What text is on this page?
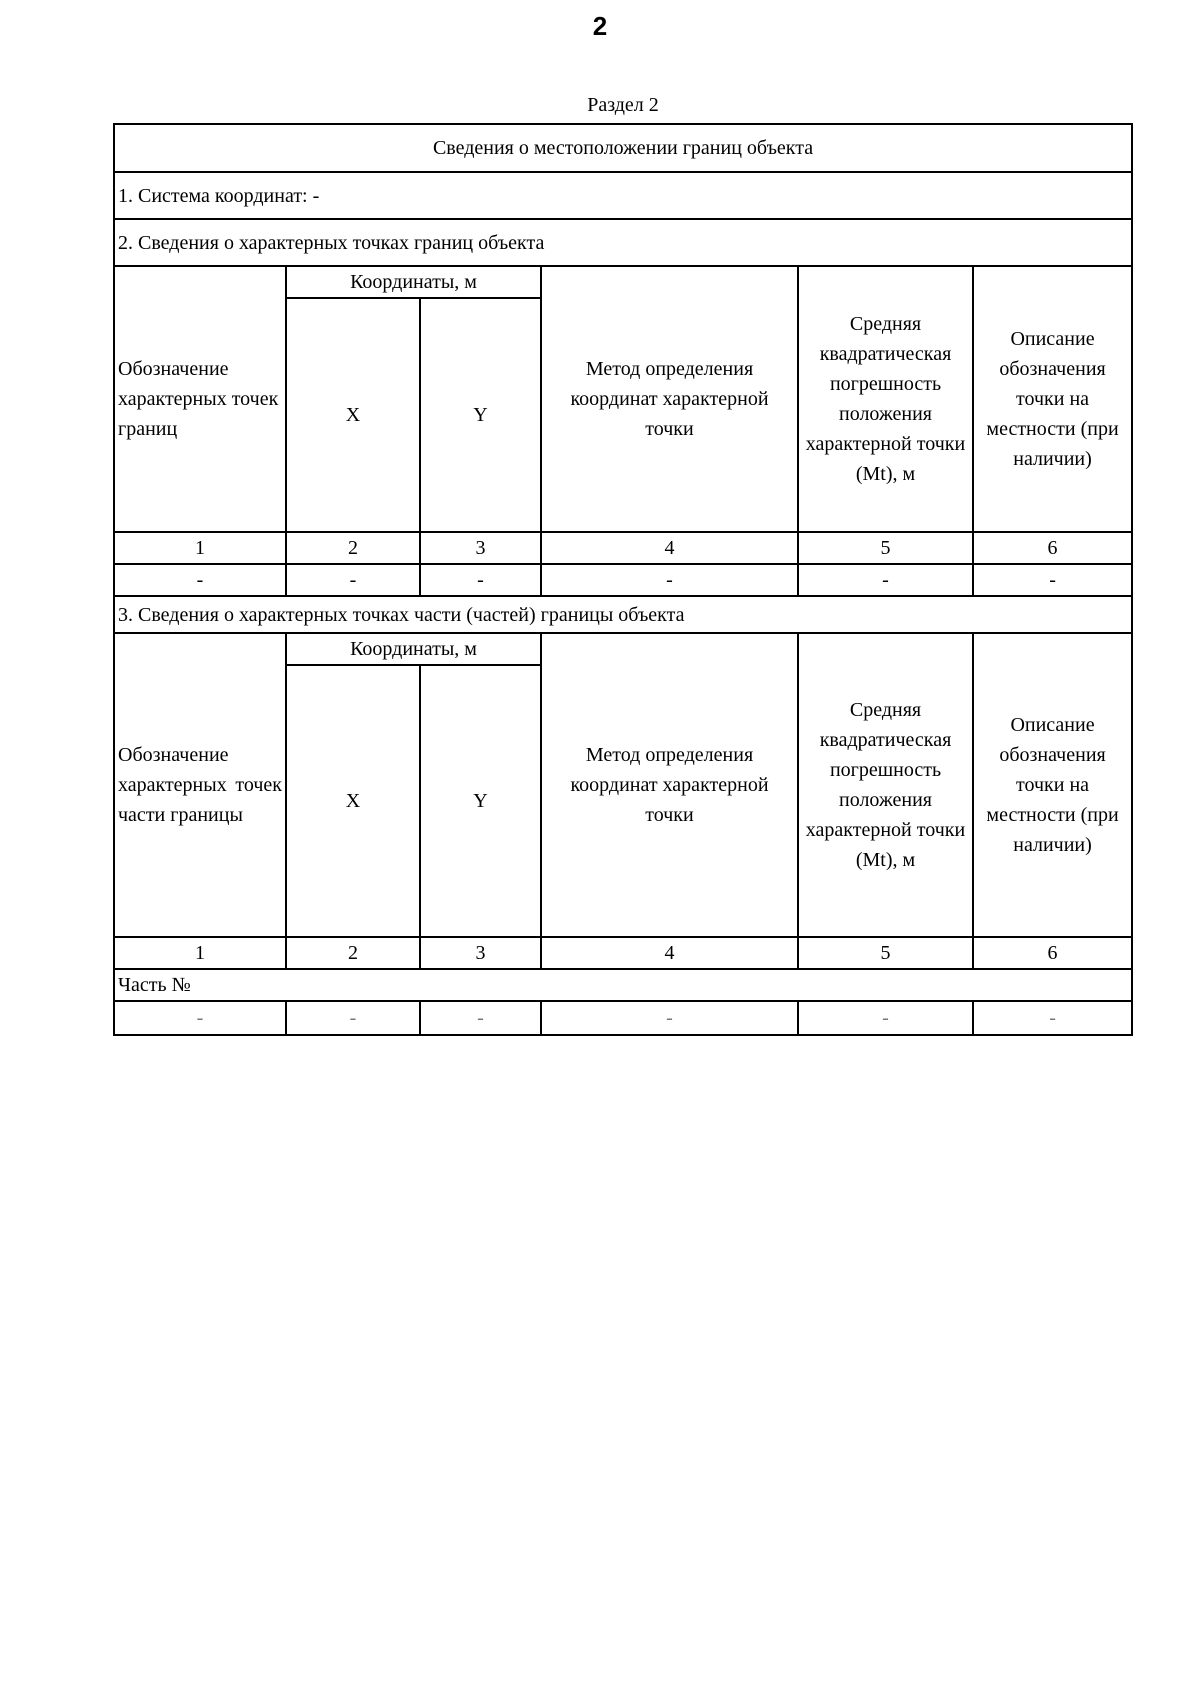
2
Раздел 2
Сведения о местоположении границ объекта					
1. Система координат: -					
2. Сведения о характерных точках границ объекта					
Обозначение характерных точек границ	Координаты, м		Метод определения координат характерной точки	Средняя квадратическая погрешность положения характерной точки (Mt), м	Описание обозначения точки на местности (при наличии)
	X	Y			
1	2	3	4	5	6
-	-	-	-	-	-
3. Сведения о характерных точках части (частей) границы объекта					

Обозначение характерных точек части границы	Координаты, м		Метод определения координат характерной точки	Средняя квадратическая погрешность положения характерной точки (Mt), м	Описание обозначения точки на местности (при наличии)
	X	Y			
1	2	3	4	5	6
Часть №					
-	-	-	-	-	-
